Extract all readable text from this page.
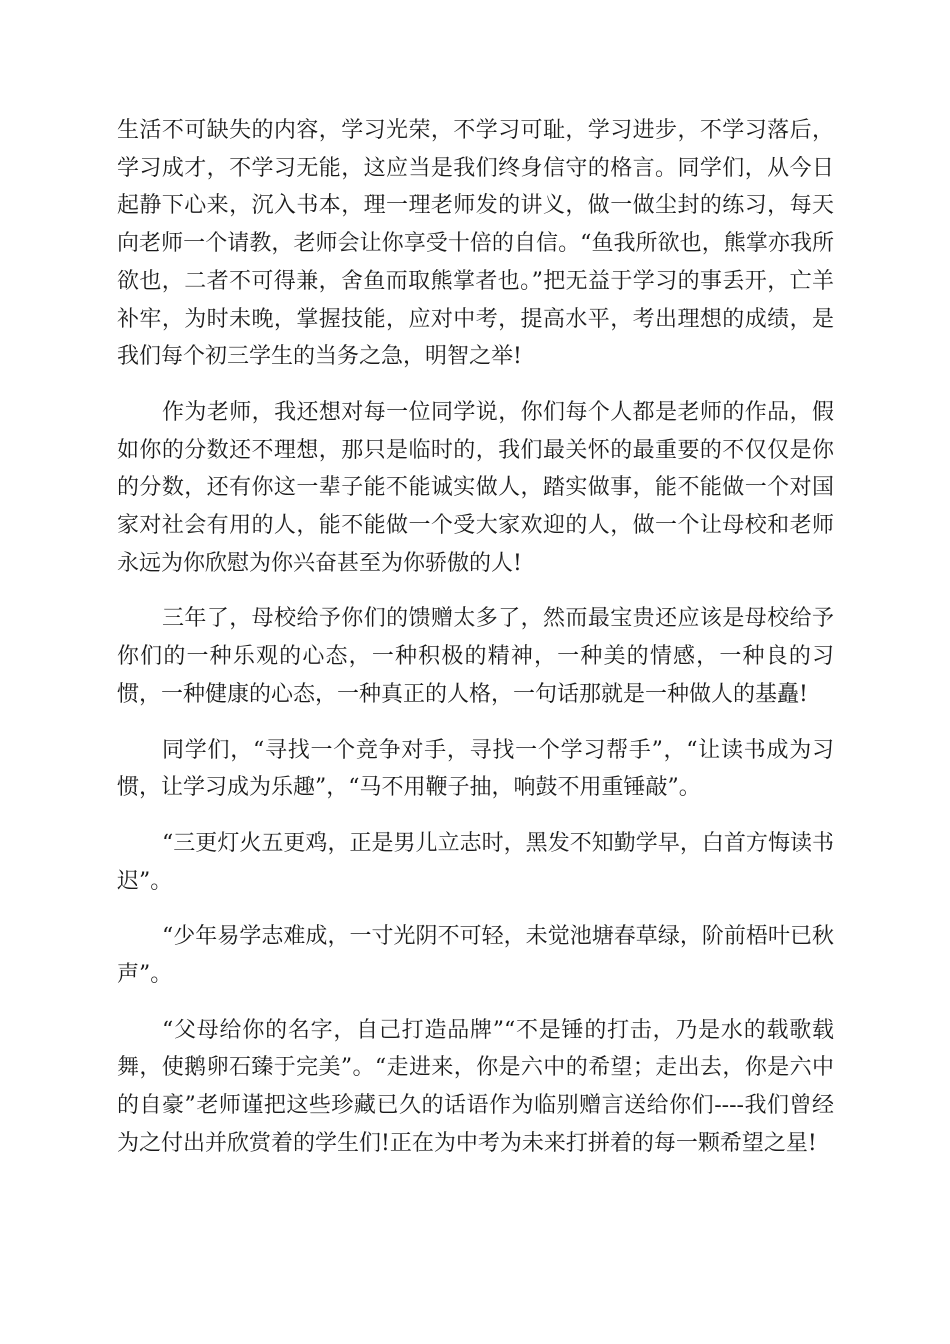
生活不可缺失的内容，学习光荣，不学习可耻，学习进步，不学习落后，学习成才，不学习无能，这应当是我们终身信守的格言。同学们，从今日起静下心来，沉入书本，理一理老师发的讲义，做一做尘封的练习，每天向老师一个请教，老师会让你享受十倍的自信。“鱼我所欲也，熊掌亦我所欲也，二者不可得兼，舍鱼而取熊掌者也。”把无益于学习的事丢开，亡羊补牢，为时未晚，掌握技能，应对中考，提高水平，考出理想的成绩，是我们每个初三学生的当务之急，明智之举!

作为老师，我还想对每一位同学说，你们每个人都是老师的作品，假如你的分数还不理想，那只是临时的，我们最关怀的最重要的不仅仅是你的分数，还有你这一辈子能不能诚实做人，踏实做事，能不能做一个对国家对社会有用的人，能不能做一个受大家欢迎的人，做一个让母校和老师永远为你欣慰为你兴奋甚至为你骄傲的人!

三年了，母校给予你们的馈赠太多了，然而最宝贵还应该是母校给予你们的一种乐观的心态，一种积极的精神，一种美的情感，一种良的习惯，一种健康的心态，一种真正的人格，一句话那就是一种做人的基矗!

同学们，“寻找一个竞争对手，寻找一个学习帮手”，“让读书成为习惯，让学习成为乐趣”，“马不用鞭子抽，响鼓不用重锤敲”。

“三更灯火五更鸡，正是男儿立志时，黑发不知勤学早，白首方悔读书迟”。

“少年易学志难成，一寸光阴不可轻，未觉池塘春草绿，阶前梧叶已秋声”。

“父母给你的名字，自己打造品牌”“不是锤的打击，乃是水的载歌载舞，使鹅卵石臻于完美”。“走进来，你是六中的希望；走出去，你是六中的自豪”老师谨把这些珍藏已久的话语作为临别赠言送给你们----我们曾经为之付出并欣赏着的学生们!正在为中考为未来打拼着的每一颗希望之星!
